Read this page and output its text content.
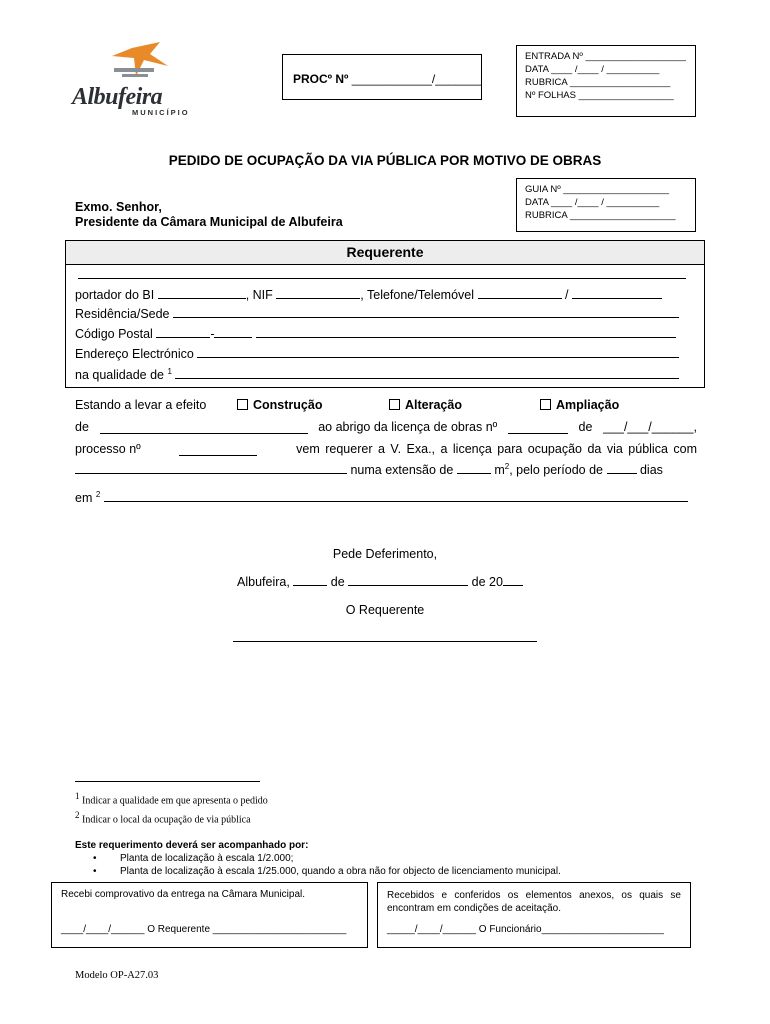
Albufeira
MUNICÍPIO
PROCº Nº ____________/_______
ENTRADA Nº ___________________
DATA ____ /____ / __________
RUBRICA ___________________
Nº FOLHAS __________________
PEDIDO DE OCUPAÇÃO DA VIA PÚBLICA POR MOTIVO DE OBRAS
Exmo. Senhor,
Presidente da Câmara Municipal de Albufeira
GUIA Nº ____________________
DATA ____ /____ / __________
RUBRICA ____________________
Requerente
portador do BI	, NIF	, Telefone/Telemóvel	/
Residência/Sede
Código Postal	-
Endereço Electrónico
na qualidade de $^1$
Estando a levar a efeito	Construção	Alteração	Ampliação
de	ao abrigo da licença de obras nº	de ___/___/______,
processo nº	vem requerer a V. Exa., a licença para ocupação da via pública com
numa extensão de	$m^2$, pelo período de	dias
em $^2$
Pede Deferimento,
Albufeira,	de	de 20
O Requerente
$^1$ Indicar a qualidade em que apresenta o pedido
$^2$ Indicar o local da ocupação de via pública
Este requerimento deverá ser acompanhado por:
• Planta de localização à escala 1/2.000;
• Planta de localização à escala 1/25.000, quando a obra não for objecto de licenciamento municipal.
Recebi comprovativo da entrega na Câmara Municipal.
____/____/______ O Requerente ________________________
Recebidos e conferidos os elementos anexos, os quais se encontram em condições de aceitação.
_____/____/______ O Funcionário______________________
Modelo OP-A27.03
